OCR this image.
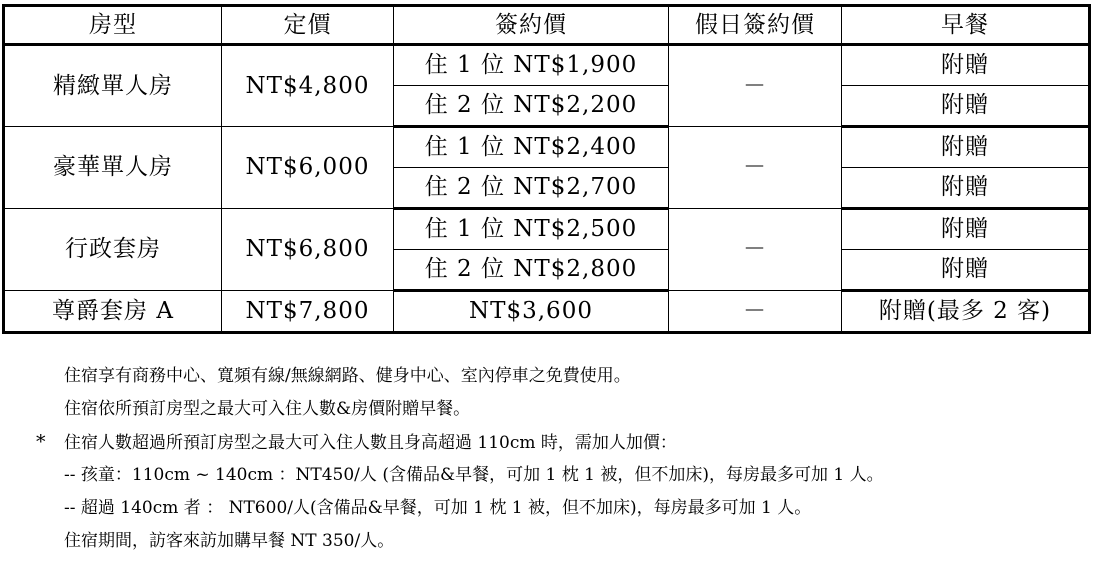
房型	定價	簽約價	假日簽約價	早餐
精緻單人房	NT$4,800	住 1 位 NT$1,900	－	附贈
		住 2 位 NT$2,200		附贈
豪華單人房	NT$6,000	住 1 位 NT$2,400	－	附贈
		住 2 位 NT$2,700		附贈
行政套房	NT$6,800	住 1 位 NT$2,500	－	附贈
		住 2 位 NT$2,800		附贈
尊爵套房 A	NT$7,800	NT$3,600	－	附贈(最多 2 客)
住宿享有商務中心、寬頻有線/無線網路、健身中心、室內停車之免費使用。
住宿依所預訂房型之最大可入住人數&房價附贈早餐。
* 住宿人數超過所預訂房型之最大可入住人數且身高超過 110cm 時，需加人加價：
-- 孩童：110cm ~ 140cm ：NT450/人 (含備品&早餐，可加 1 枕 1 被，但不加床)，每房最多可加 1 人。
-- 超過 140cm 者 ： NT600/人(含備品&早餐，可加 1 枕 1 被，但不加床)，每房最多可加 1 人。
住宿期間，訪客來訪加購早餐 NT 350/人。
